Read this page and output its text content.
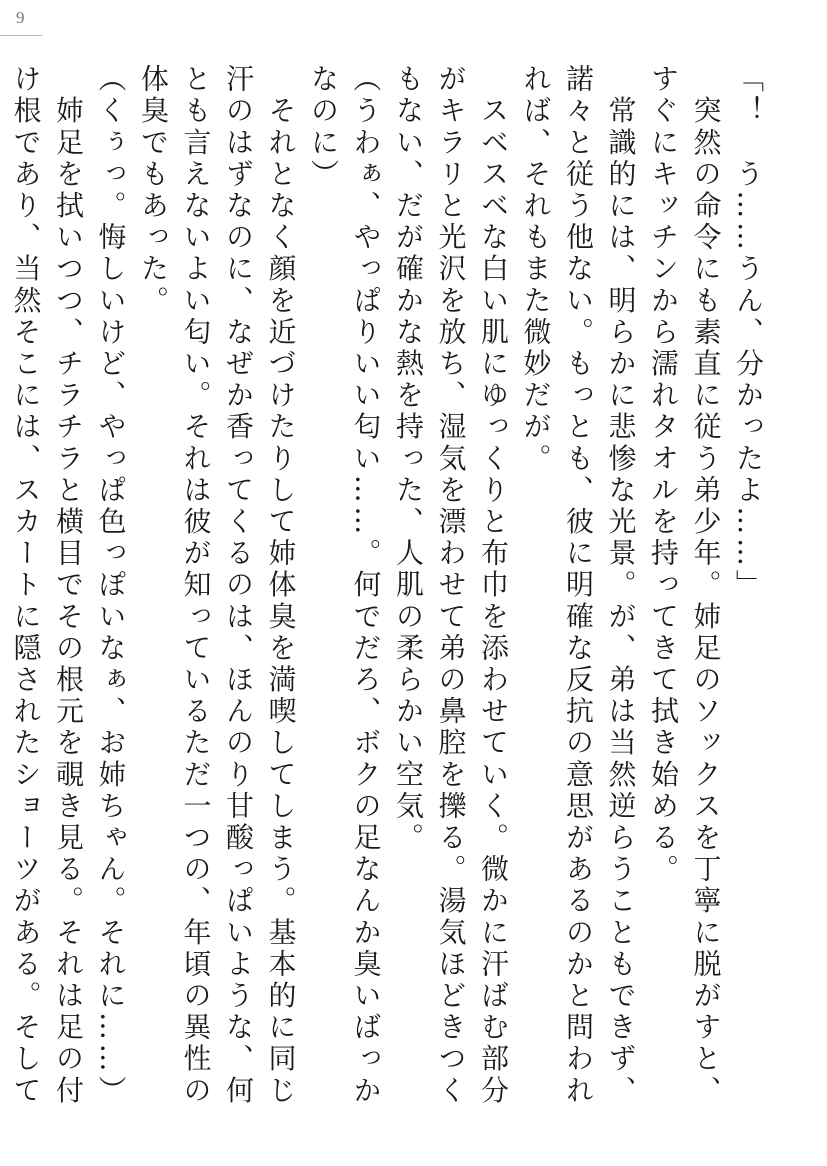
9

「！　う……うん、分かったよ……」

　突然の命令にも素直に従う弟少年。姉足のソックスを丁寧に脱がすと、すぐにキッチンから濡れタオルを持ってきて拭き始める。

　常識的には、明らかに悲惨な光景。が、弟は当然逆らうこともできず、諾々と従う他ない。もっとも、彼に明確な反抗の意思があるのかと問われれば、それもまた微妙だが。

　スベスベな白い肌にゆっくりと布巾を添わせていく。微かに汗ばむ部分がキラリと光沢を放ち、湿気を漂わせて弟の鼻腔を擽る。湯気ほどきつくもない、だが確かな熱を持った、人肌の柔らかい空気。

（うわぁ、やっぱりいい匂い……。何でだろ、ボクの足なんか臭いばっかなのに）

　それとなく顔を近づけたりして姉体臭を満喫してしまう。基本的に同じ汗のはずなのに、なぜか香ってくるのは、ほんのり甘酸っぱいような、何とも言えないよい匂い。それは彼が知っているただ一つの、年頃の異性の体臭でもあった。

（くぅっ。悔しいけど、やっぱ色っぽいなぁ、お姉ちゃん。それに……）

　姉足を拭いつつ、チラチラと横目でその根元を覗き見る。それは足の付け根であり、当然そこには、スカートに隠されたショーツがある。そして
